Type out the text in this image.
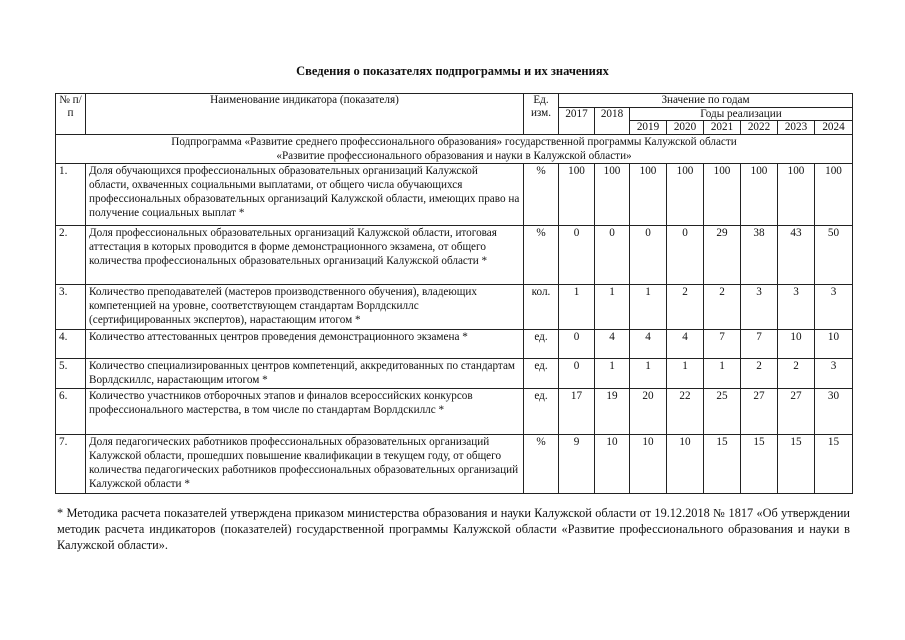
Сведения о показателях подпрограммы и их значениях
№ п/п	Наименование индикатора (показателя)	Ед. изм.	Значение по годам							
			2017	2018	Годы реализации					
					2019	2020	2021	2022	2023	2024
Подпрограмма «Развитие среднего профессионального образования» государственной программы Калужской области «Развитие профессионального образования и науки в Калужской области»										
1.	Доля обучающихся профессиональных образовательных организаций Калужской области, охваченных социальными выплатами, от общего числа обучающихся профессиональных образовательных организаций Калужской области, имеющих право на получение социальных выплат *	%	100	100	100	100	100	100	100	100
2.	Доля профессиональных образовательных организаций Калужской области, итоговая аттестация в которых проводится в форме демонстрационного экзамена, от общего количества профессиональных образовательных организаций Калужской области *	%	0	0	0	0	29	38	43	50
3.	Количество преподавателей (мастеров производственного обучения), владеющих компетенцией на уровне, соответствующем стандартам Ворлдскиллс (сертифицированных экспертов), нарастающим итогом *	кол.	1	1	1	2	2	3	3	3
4.	Количество аттестованных центров проведения демонстрационного экзамена *	ед.	0	4	4	4	7	7	10	10
5.	Количество специализированных центров компетенций, аккредитованных по стандартам Ворлдскиллс, нарастающим итогом *	ед.	0	1	1	1	1	2	2	3
6.	Количество участников отборочных этапов и финалов всероссийских конкурсов профессионального мастерства, в том числе по стандартам Ворлдскиллс *	ед.	17	19	20	22	25	27	27	30
7.	Доля педагогических работников профессиональных образовательных организаций Калужской области, прошедших повышение квалификации в текущем году, от общего количества педагогических работников профессиональных образовательных организаций Калужской области *	%	9	10	10	10	15	15	15	15
* Методика расчета показателей утверждена приказом министерства образования и науки Калужской области от 19.12.2018 № 1817 «Об утверждении методик расчета индикаторов (показателей) государственной программы Калужской области «Развитие профессионального образования и науки в Калужской области».
